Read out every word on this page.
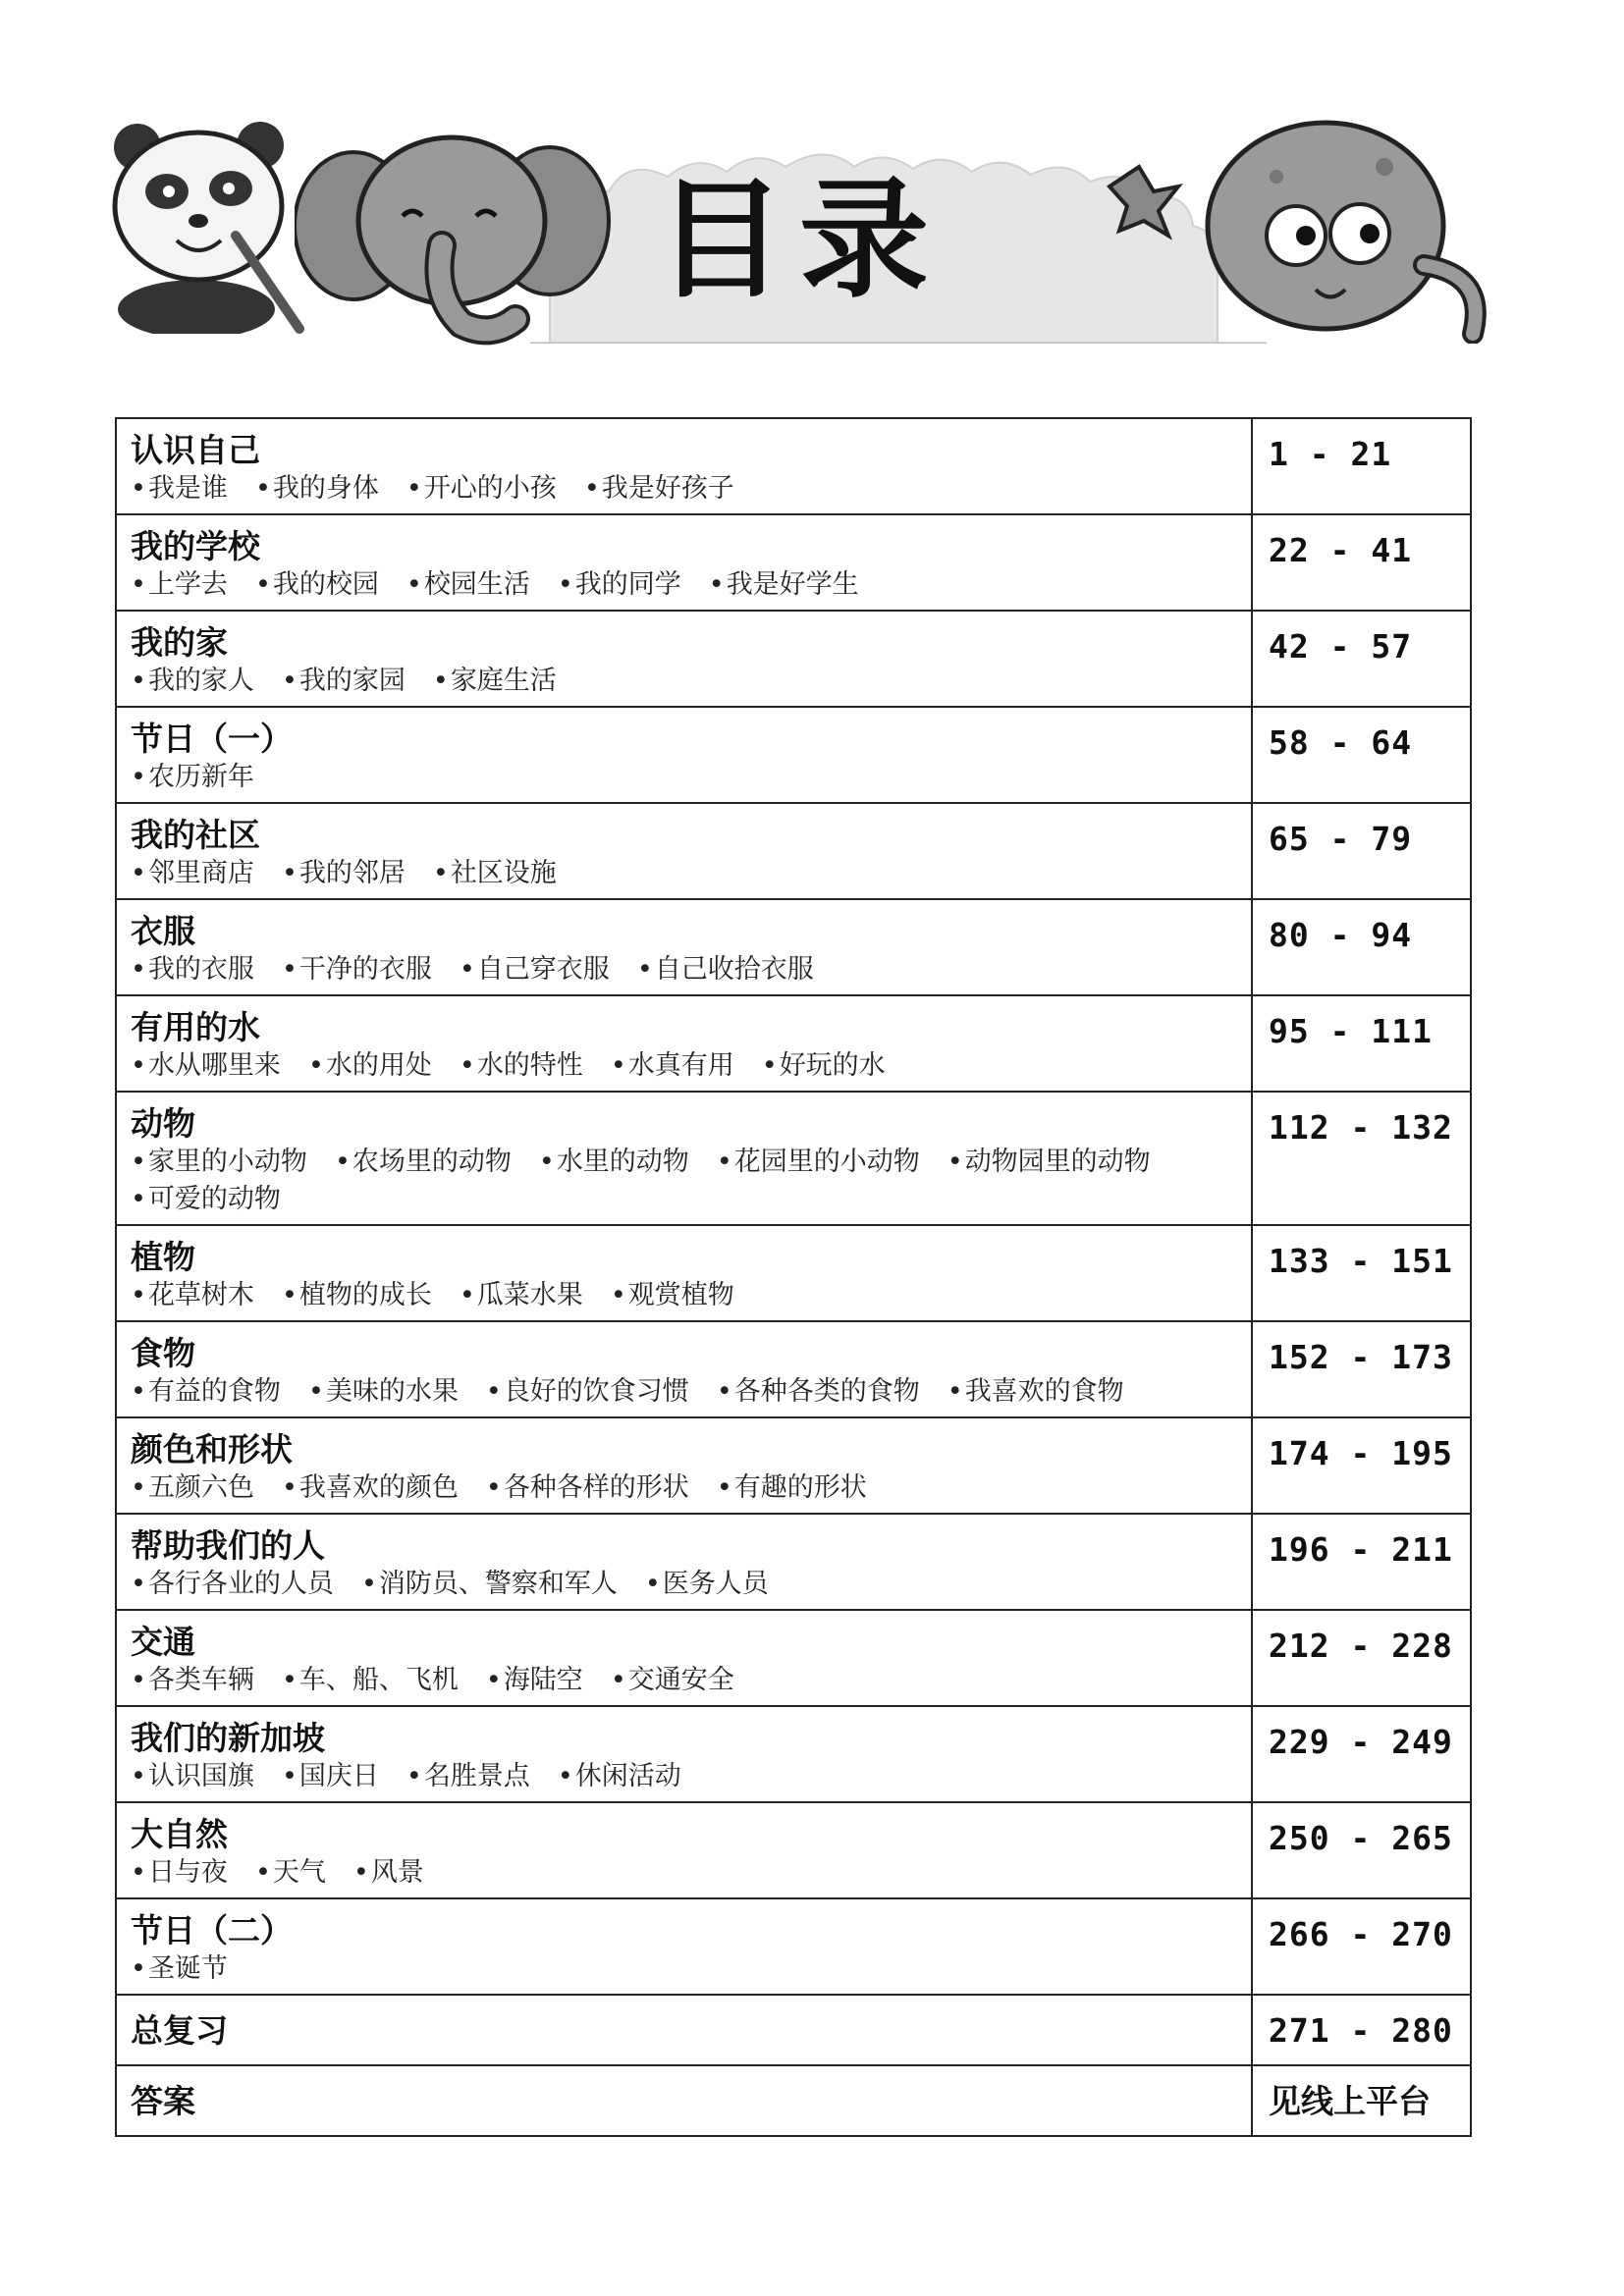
目录
认识自己
• 我是谁 • 我的身体 • 开心的小孩 • 我是好孩子	1 - 21

我的学校
• 上学去 • 我的校园 • 校园生活 • 我的同学 • 我是好学生	22 - 41

我的家
• 我的家人 • 我的家园 • 家庭生活	42 - 57

节日（一）
• 农历新年	58 - 64

我的社区
• 邻里商店 • 我的邻居 • 社区设施	65 - 79

衣服
• 我的衣服 • 干净的衣服 • 自己穿衣服 • 自己收拾衣服	80 - 94

有用的水
• 水从哪里来 • 水的用处 • 水的特性 • 水真有用 • 好玩的水	95 - 111

动物
• 家里的小动物 • 农场里的动物 • 水里的动物 • 花园里的小动物 • 动物园里的动物• 可爱的动物	112 - 132

植物
• 花草树木 • 植物的成长 • 瓜菜水果 • 观赏植物	133 - 151

食物
• 有益的食物 • 美味的水果 • 良好的饮食习惯 • 各种各类的食物 • 我喜欢的食物	152 - 173

颜色和形状
• 五颜六色 • 我喜欢的颜色 • 各种各样的形状 • 有趣的形状	174 - 195

帮助我们的人
• 各行各业的人员 • 消防员、警察和军人 • 医务人员	196 - 211

交通
• 各类车辆 • 车、船、飞机 • 海陆空 • 交通安全	212 - 228

我们的新加坡
• 认识国旗 • 国庆日 • 名胜景点 • 休闲活动	229 - 249

大自然
• 日与夜 • 天气 • 风景	250 - 265

节日（二）
• 圣诞节	266 - 270

总复习	271 - 280

答案	见线上平台
